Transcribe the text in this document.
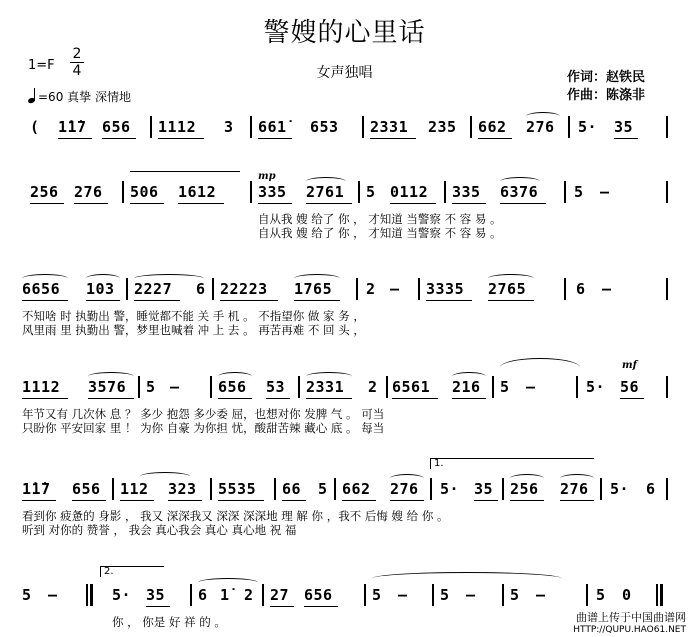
警嫂的心里话
女声独唱	作词：赵铁民
作曲：陈涤非
1=F
2
4
=60 真挚 深情地
( 1̇1̇7 656 1112 3 661̇ 653 2331 235 662 276 5· 35
256 276 506 1612	335 2761 5 0112 335 6376 5 –
mp
自从我 嫂 给了 你 ， 才知道 当警察 不 容 易 。
自从我 嫂 给了 你 ， 才知道 当警察 不 容 易 。
6656 103 2227 6 22223 1765 2 – 3335 2765	6 –
不知啥 时 执勤出 警，睡觉都不能 关 手 机 。 不指望你 做 家 务 ，
风里雨 里 执勤出 警，梦里也喊着 冲 上 去 。 再苦再难 不 回 头 ，
1112 3576 5 –	656 53 2331 2 6561 216 5 –	5· 56
mf
年节又有 几次休 息 ？ 多少 抱怨 多少委 屈，也想对你 发脾 气 。 可当
只盼你 平安回家 里 ！ 为你 自豪 为你担 忧，酸甜苦辣 藏心 底 。 每当
1.
1̇1̇7 656 112 323 5535 66 5 662 276 5· 35 256 276 5· 6
看到你 疲惫的 身影 ， 我又 深深我又 深深 深深地 理 解 你 ，我不 后悔 嫂 给 你 。
听到 对你的 赞誉 ， 我会 真心我会 真心 真心地 祝 福
2.
5 –	5· 35 6 1̇ 2 27 656	5 – 5 – 5 –	5 0
你 ， 你是 好 祥 的 。	曲谱上传于中国曲谱网
HTTP://QUPU.HAO61.NET
